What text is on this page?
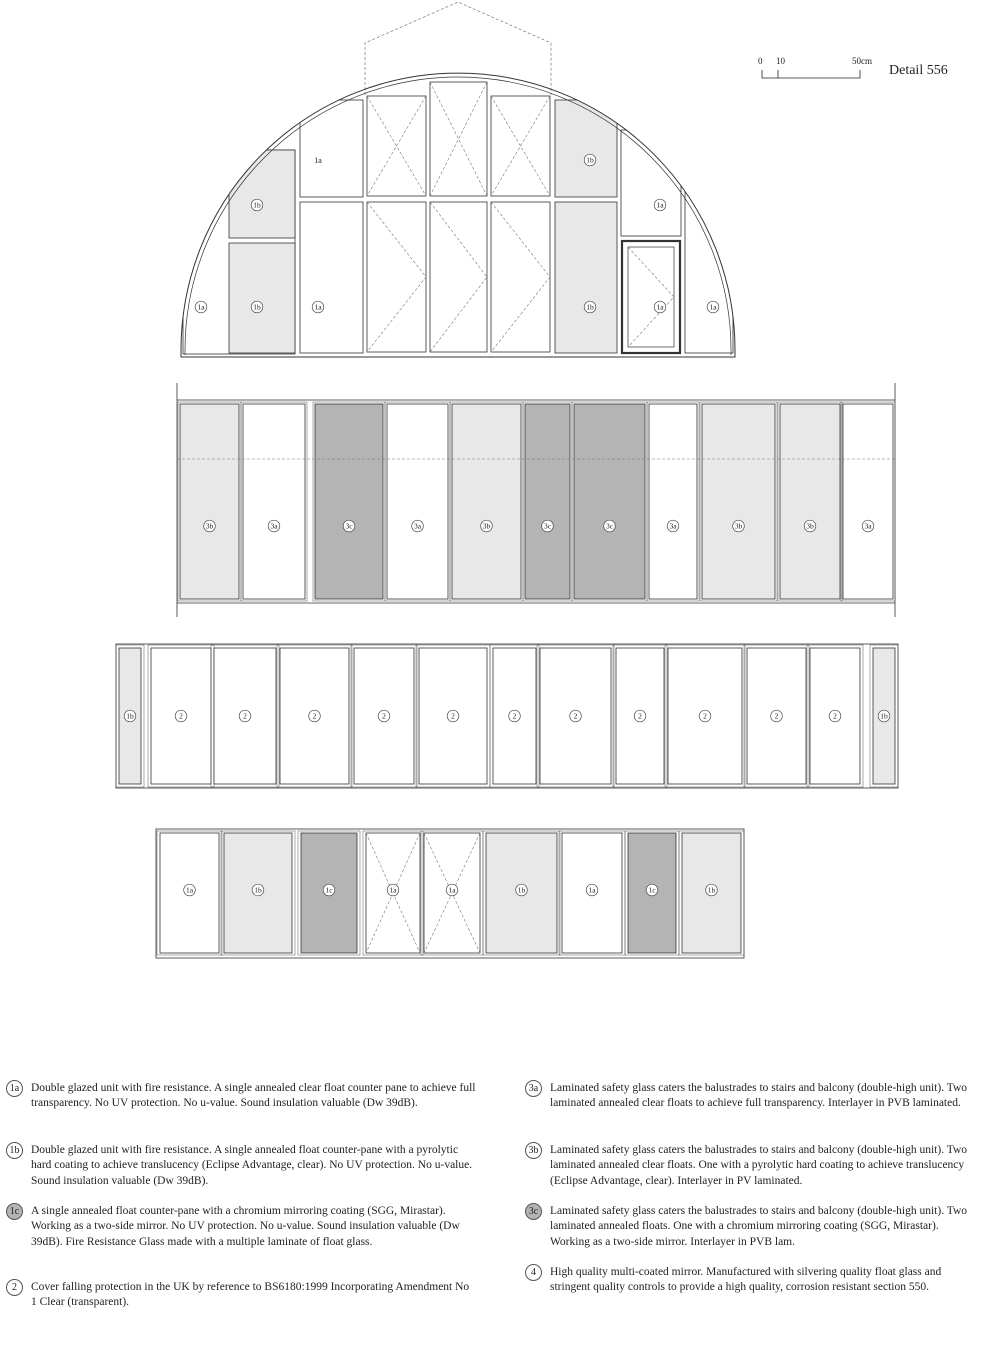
0 10	50cm
1a
1b
1b
1a	1b
1b
1a
1a
1a	1a
3b	3a	3c	3a	3b	3c	3c	3a	3b	3b	3a
1b	2	2	2	2	2	2	2	2	2	2	2	1b
1a	1b	1c	1a	1a	1b	1a	1c	1b
Detail 556
1a	Double glazed unit with fire resistance. A single annealed clear float counter pane to achieve full transparency. No UV protection. No u-value. Sound insulation valuable (Dw 39dB).
1b	Double glazed unit with fire resistance. A single annealed float counter-pane with a pyrolytic hard coating to achieve translucency (Eclipse Advantage, clear). No UV protection. No u-value. Sound insulation valuable (Dw 39dB).
1c	A single annealed float counter-pane with a chromium mirroring coating (SGG, Mirastar). Working as a two-side mirror. No UV protection. No u-value. Sound insulation valuable (Dw 39dB). Fire Resistance Glass made with a multiple laminate of float glass.
2	Cover falling protection in the UK by reference to BS6180:1999 Incorporating Amendment No 1 Clear (transparent).
3a	Laminated safety glass caters the balustrades to stairs and balcony (double-high unit). Two laminated annealed clear floats to achieve full transparency. Interlayer in PVB laminated.
3b	Laminated safety glass caters the balustrades to stairs and balcony (double-high unit). Two laminated annealed clear floats. One with a pyrolytic hard coating to achieve translucency (Eclipse Advantage, clear). Interlayer in PV laminated.
3c	Laminated safety glass caters the balustrades to stairs and balcony (double-high unit). Two laminated annealed floats. One with a chromium mirroring coating (SGG, Mirastar). Working as a two-side mirror. Interlayer in PVB lam.
4	High quality multi-coated mirror. Manufactured with silvering quality float glass and stringent quality controls to provide a high quality, corrosion resistant section 550.
